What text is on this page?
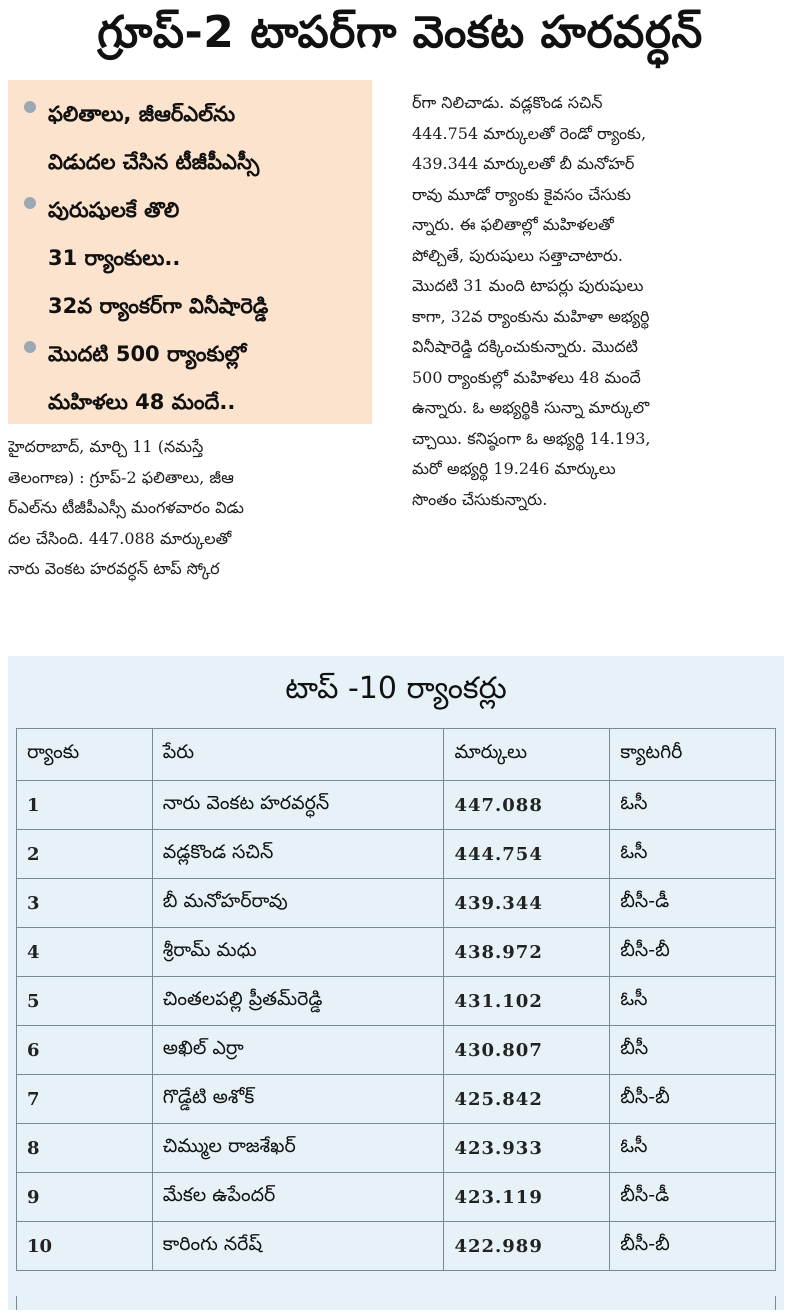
గ్రూప్‌-2 టాపర్‌గా వెంకట హరవర్ధన్‌
ఫలితాలు, జీఆర్‌ఎల్‌ను
విడుదల చేసిన టీజీపీఎస్సీ
పురుషులకే తొలి
31 ర్యాంకులు..
32వ ర్యాంకర్‌గా వినీషారెడ్డి
మొదటి 500 ర్యాంకుల్లో
మహిళలు 48 మందే..
హైదరాబాద్‌, మార్చి 11 (నమస్తే
తెలంగాణ) : గ్రూప్‌-2 ఫలితాలు, జీఆ
ర్‌ఎల్‌ను టీజీపీఎస్సీ మంగళవారం విడు
దల చేసింది. 447.088 మార్కులతో
నారు వెంకట హరవర్ధన్‌ టాప్‌ స్కోర
ర్‌గా నిలిచాడు. వడ్లకొండ సచిన్‌
444.754 మార్కులతో రెండో ర్యాంకు,
439.344 మార్కులతో బీ మనోహర్‌
రావు మూడో ర్యాంకు కైవసం చేసుకు
న్నారు. ఈ ఫలితాల్లో మహిళలతో
పోల్చితే, పురుషులు సత్తాచాటారు.
మొదటి 31 మంది టాపర్లు పురుషులు
కాగా, 32వ ర్యాంకును మహిళా అభ్యర్థి
వినీషారెడ్డి దక్కించుకున్నారు. మొదటి
500 ర్యాంకుల్లో మహిళలు 48 మందే
ఉన్నారు. ఓ అభ్యర్థికి సున్నా మార్కులొ
చ్చాయి. కనిష్ఠంగా ఓ అభ్యర్థి 14.193,
మరో అభ్యర్థి 19.246 మార్కులు
సొంతం చేసుకున్నారు.
టాప్‌ -10 ర్యాంకర్లు
ర్యాంకు	పేరు	మార్కులు	క్యాటగిరీ
1	నారు వెంకట హరవర్ధన్‌	447.088	ఓసీ
2	వడ్లకొండ సచిన్‌	444.754	ఓసీ
3	బీ మనోహర్‌రావు	439.344	బీసీ-డీ
4	శ్రీరామ్‌ మధు	438.972	బీసీ-బీ
5	చింతలపల్లి ప్రీతమ్‌రెడ్డి	431.102	ఓసీ
6	అఖిల్‌ ఎర్రా	430.807	బీసీ
7	గొడ్డేటి అశోక్‌	425.842	బీసీ-బీ
8	చిమ్ముల రాజశేఖర్‌	423.933	ఓసీ
9	మేకల ఉపేందర్‌	423.119	బీసీ-డీ
10	కారింగు నరేష్‌	422.989	బీసీ-బీ
